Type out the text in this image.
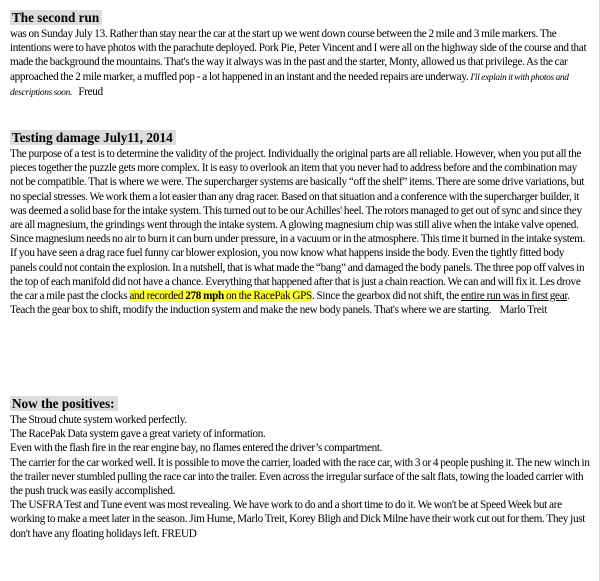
The second run

was on Sunday July 13. Rather than stay near the car at the start up we went down course between the 2 mile and 3 mile markers. The intentions were to have photos with the parachute deployed. Pork Pie, Peter Vincent and I were all on the highway side of the course and that made the background the mountains. That's the way it always was in the past and the starter, Monty, allowed us that privilege. As the car approached the 2 mile marker, a muffled pop - a lot happened in an instant and the needed repairs are underway. I'll explain it with photos and descriptions soon. Freud

Testing damage July11, 2014

The purpose of a test is to determine the validity of the project. Individually the original parts are all reliable. However, when you put all the pieces together the puzzle gets more complex. It is easy to overlook an item that you never had to address before and the combination may not be compatible. That is where we were. The supercharger systems are basically “off the shelf” items. There are some drive variations, but no special stresses. We work them a lot easier than any drag racer. Based on that situation and a conference with the supercharger builder, it was deemed a solid base for the intake system. This turned out to be our Achilles' heel. The rotors managed to get out of sync and since they are all magnesium, the grindings went through the intake system. A glowing magnesium chip was still alive when the intake valve opened. Since magnesium needs no air to burn it can burn under pressure, in a vacuum or in the atmosphere. This time it burned in the intake system. If you have seen a drag race fuel funny car blower explosion, you now know what happens inside the body. Even the tightly fitted body panels could not contain the explosion. In a nutshell, that is what made the “bang” and damaged the body panels. The three pop off valves in the top of each manifold did not have a chance. Everything that happened after that is just a chain reaction. We can and will fix it. Les drove the car a mile past the clocks and recorded 278 mph on the RacePak GPS. Since the gearbox did not shift, the entire run was in first gear. Teach the gear box to shift, modify the induction system and make the new body panels. That's where we are starting. Marlo Treit

Now the positives:

The Stroud chute system worked perfectly.

The RacePak Data system gave a great variety of information.

Even with the flash fire in the rear engine bay, no flames entered the driver’s compartment.

The carrier for the car worked well. It is possible to move the carrier, loaded with the race car, with 3 or 4 people pushing it. The new winch in the trailer never stumbled pulling the race car into the trailer. Even across the irregular surface of the salt flats, towing the loaded carrier with the push truck was easily accomplished.

The USFRA Test and Tune event was most revealing. We have work to do and a short time to do it. We won't be at Speed Week but are working to make a meet later in the season. Jim Hume, Marlo Treit, Korey Bligh and Dick Milne have their work cut out for them. They just don't have any floating holidays left. FREUD
